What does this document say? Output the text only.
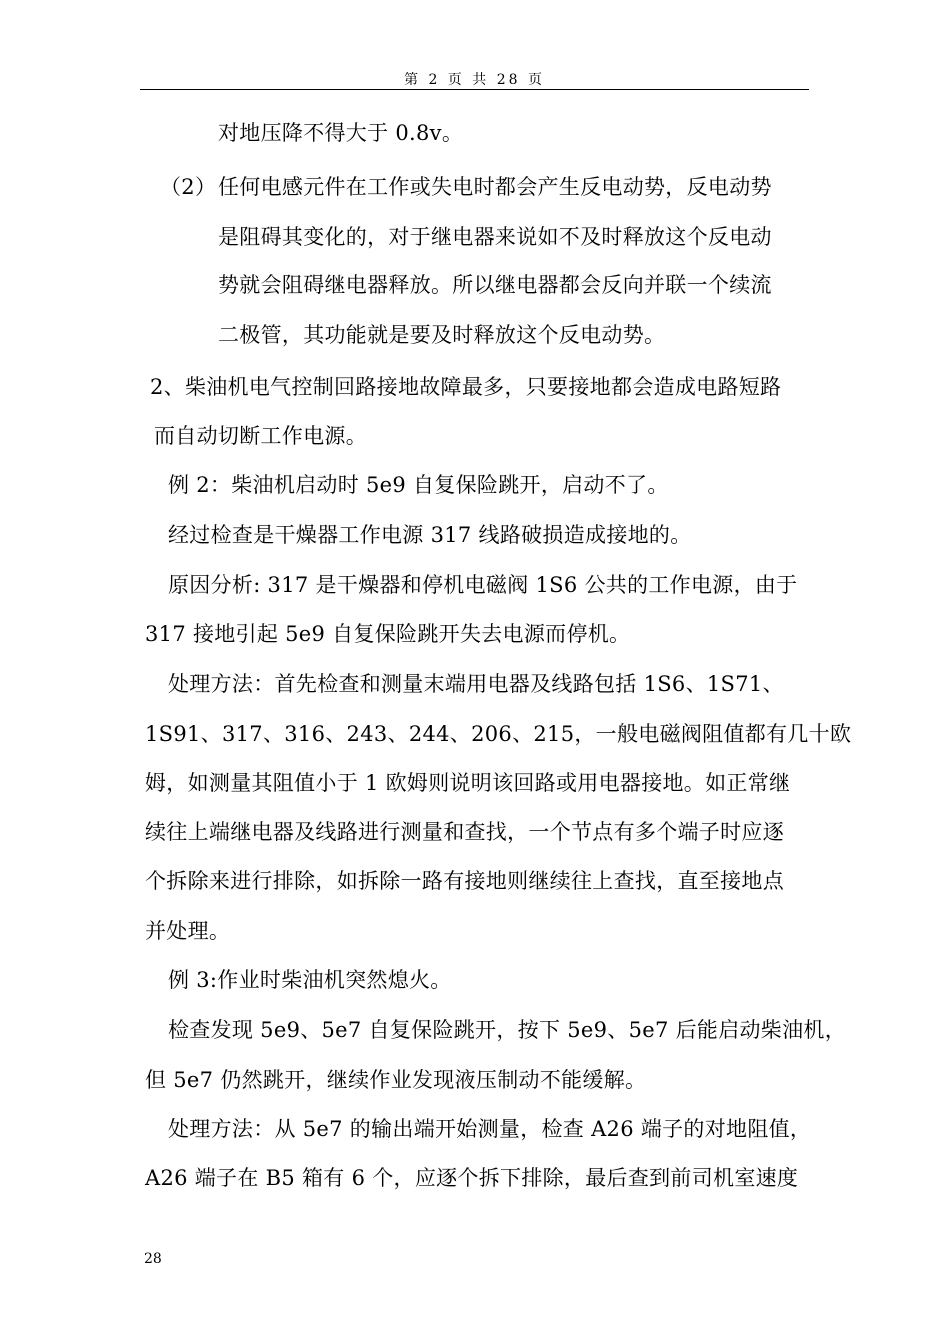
第 2 页 共 28 页
对地压降不得大于 0.8v。
（2） 任何电感元件在工作或失电时都会产生反电动势，反电动势
是阻碍其变化的，对于继电器来说如不及时释放这个反电动
势就会阻碍继电器释放。所以继电器都会反向并联一个续流
二极管，其功能就是要及时释放这个反电动势。
2、柴油机电气控制回路接地故障最多，只要接地都会造成电路短路
而自动切断工作电源。
例 2：柴油机启动时 5e9 自复保险跳开，启动不了。
经过检查是干燥器工作电源 317 线路破损造成接地的。
原因分析: 317 是干燥器和停机电磁阀 1S6 公共的工作电源，由于
317 接地引起 5e9 自复保险跳开失去电源而停机。
处理方法：首先检查和测量末端用电器及线路包括 1S6、1S71、
1S91、317、316、243、244、206、215，一般电磁阀阻值都有几十欧
姆，如测量其阻值小于 1 欧姆则说明该回路或用电器接地。如正常继
续往上端继电器及线路进行测量和查找，一个节点有多个端子时应逐
个拆除来进行排除，如拆除一路有接地则继续往上查找，直至接地点
并处理。
例 3:作业时柴油机突然熄火。
检查发现 5e9、5e7 自复保险跳开，按下 5e9、5e7 后能启动柴油机，
但 5e7 仍然跳开，继续作业发现液压制动不能缓解。
处理方法：从 5e7 的输出端开始测量，检查 A26 端子的对地阻值，
A26 端子在 B5 箱有 6 个，应逐个拆下排除，最后查到前司机室速度
28
